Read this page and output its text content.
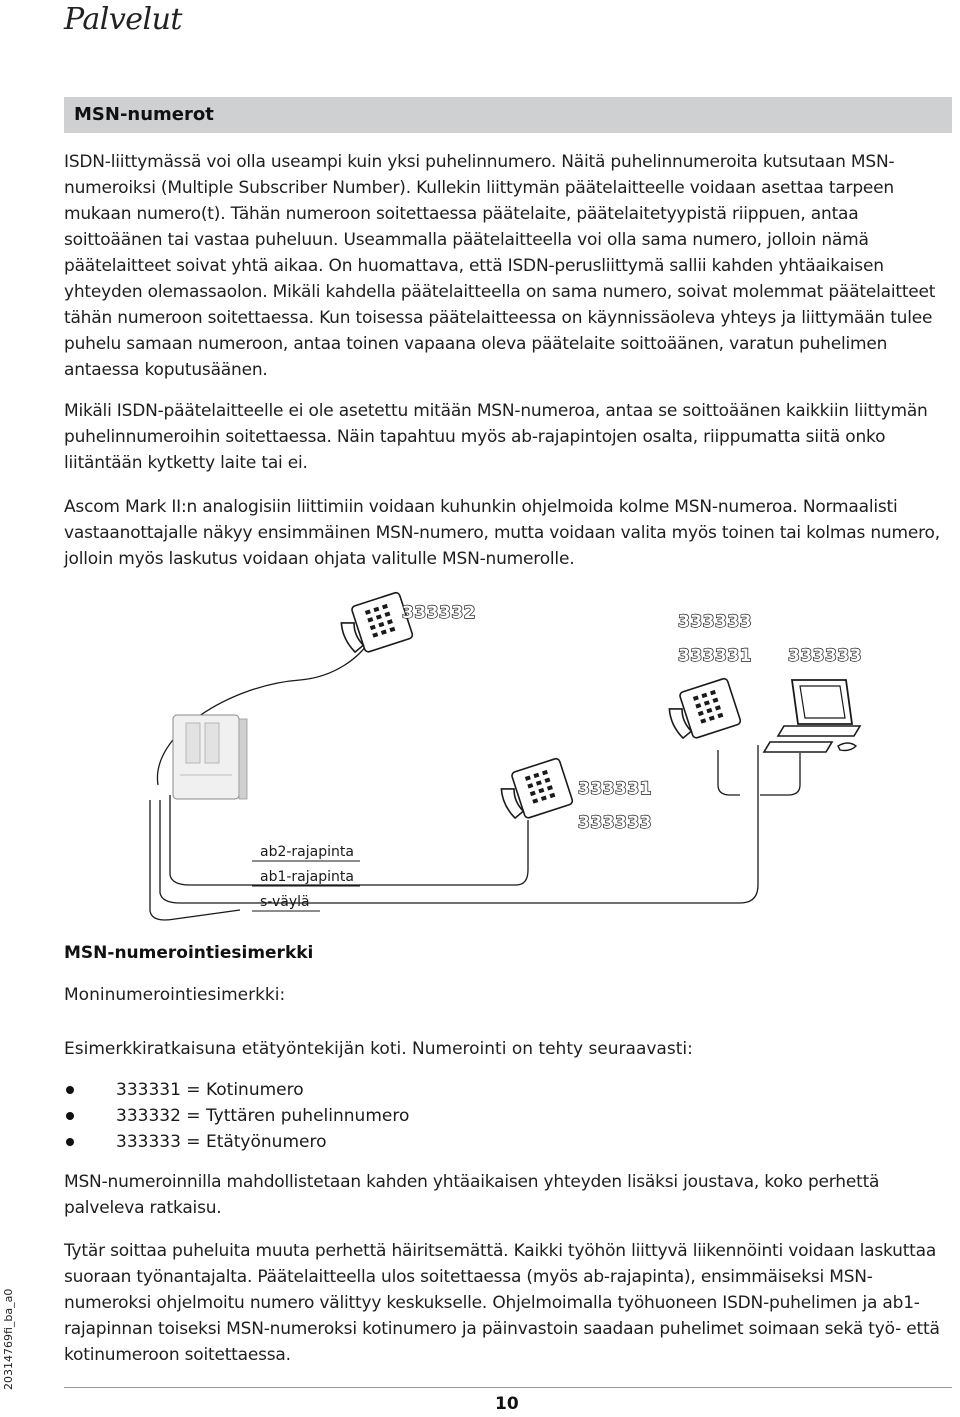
Palvelut
MSN-numerot

ISDN-liittymässä voi olla useampi kuin yksi puhelinnumero. Näitä puhelinnumeroita kutsutaan MSN-numeroiksi (Multiple Subscriber Number). Kullekin liittymän päätelaitteelle voidaan asettaa tarpeen mukaan numero(t). Tähän numeroon soitettaessa päätelaite, päätelaitetyypistä riippuen, antaa soittoäänen tai vastaa puheluun. Useammalla päätelaitteella voi olla sama numero, jolloin nämä päätelaitteet soivat yhtä aikaa. On huomattava, että ISDN-perusliittymä sallii kahden yhtäaikaisen yhteyden olemassaolon. Mikäli kahdella päätelaitteella on sama numero, soivat molemmat päätelaitteet tähän numeroon soitettaessa. Kun toisessa päätelaitteessa on käynnissäoleva yhteys ja liittymään tulee puhelu samaan numeroon, antaa toinen vapaana oleva päätelaite soittoäänen, varatun puhelimen antaessa koputusäänen.

Mikäli ISDN-päätelaitteelle ei ole asetettu mitään MSN-numeroa, antaa se soittoäänen kaikkiin liittymän puhelinnumeroihin soitettaessa. Näin tapahtuu myös ab-rajapintojen osalta, riippumatta siitä onko liitäntään kytketty laite tai ei.

Ascom Mark II:n analogisiin liittimiin voidaan kuhunkin ohjelmoida kolme MSN-numeroa. Normaalisti vastaanottajalle näkyy ensimmäinen MSN-numero, mutta voidaan valita myös toinen tai kolmas numero, jolloin myös laskutus voidaan ohjata valitulle MSN-numerolle.

ab2-rajapinta
ab1-rajapinta
s-väylä
333332	333333
333331 333333
333331
333333
MSN-numerointiesimerkki

Moninumerointiesimerkki:

Esimerkkiratkaisuna etätyöntekijän koti. Numerointi on tehty seuraavasti:

333331 = Kotinumero
333332 = Tyttären puhelinnumero
333333 = Etätyönumero

MSN-numeroinnilla mahdollistetaan kahden yhtäaikaisen yhteyden lisäksi joustava, koko perhettä palveleva ratkaisu.

Tytär soittaa puheluita muuta perhettä häiritsemättä. Kaikki työhön liittyvä liikennöinti voidaan laskuttaa suoraan työnantajalta. Päätelaitteella ulos soitettaessa (myös ab-rajapinta), ensimmäiseksi MSN-numeroksi ohjelmoitu numero välittyy keskukselle. Ohjelmoimalla työhuoneen ISDN-puhelimen ja ab1-rajapinnan toiseksi MSN-numeroksi kotinumero ja päinvastoin saadaan puhelimet soimaan sekä työ- että kotinumeroon soitettaessa.

20314769fi_ba_a0
10
